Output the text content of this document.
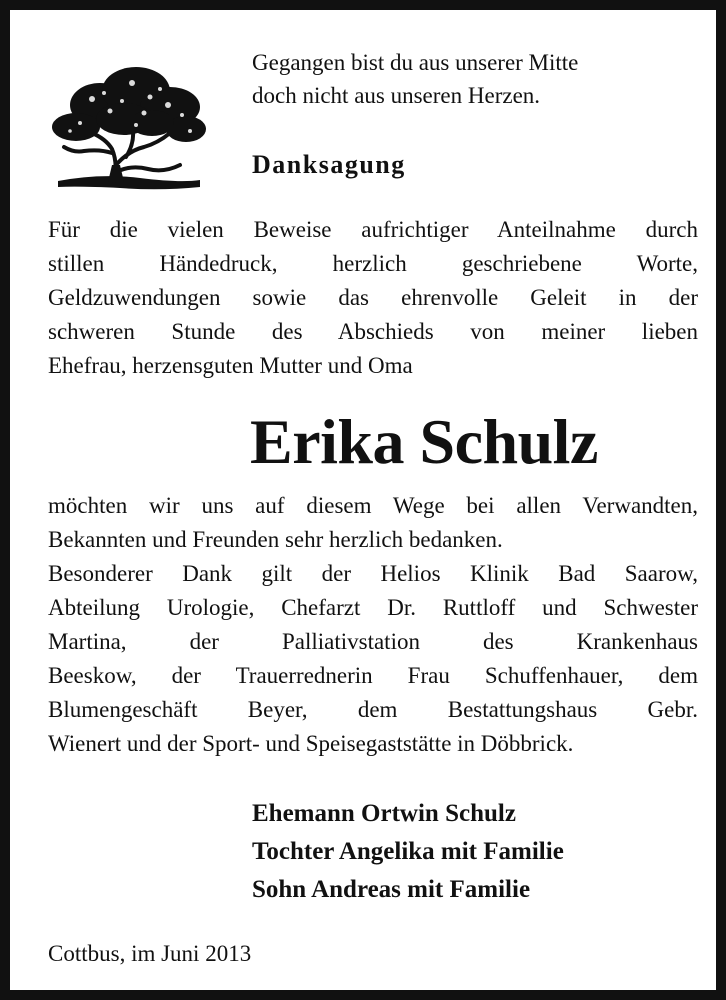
Gegangen bist du aus unserer Mitte
doch nicht aus unseren Herzen.

Danksagung

Für die vielen Beweise aufrichtiger Anteilnahme durch
stillen Händedruck, herzlich geschriebene Worte,
Geldzuwendungen sowie das ehrenvolle Geleit in der
schweren Stunde des Abschieds von meiner lieben
Ehefrau, herzensguten Mutter und Oma

Erika Schulz

möchten wir uns auf diesem Wege bei allen Verwandten,
Bekannten und Freunden sehr herzlich bedanken.
Besonderer Dank gilt der Helios Klinik Bad Saarow,
Abteilung Urologie, Chefarzt Dr. Ruttloff und Schwester
Martina, der Palliativstation des Krankenhaus
Beeskow, der Trauerrednerin Frau Schuffenhauer, dem
Blumengeschäft Beyer, dem Bestattungshaus Gebr.
Wienert und der Sport- und Speisegaststätte in Döbbrick.

Ehemann Ortwin Schulz
Tochter Angelika mit Familie
Sohn Andreas mit Familie

Cottbus, im Juni 2013
